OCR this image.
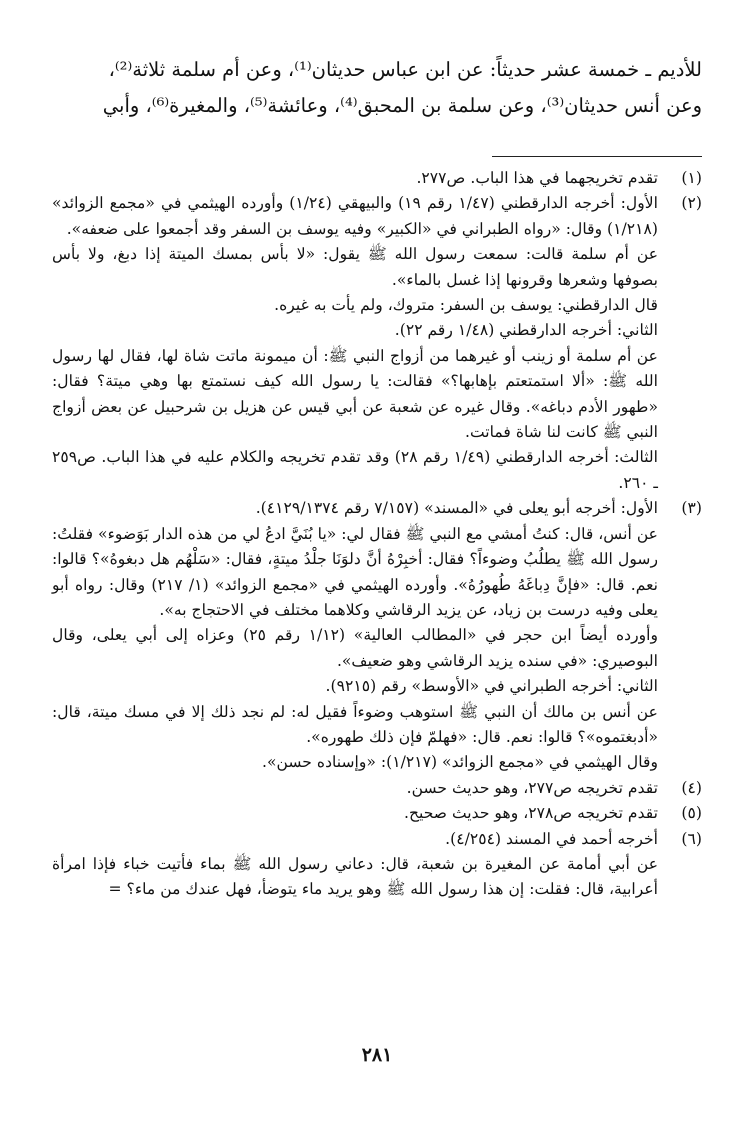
للأديم ـ خمسة عشر حديثاً: عن ابن عباس حديثان⁽¹⁾، وعن أم سلمة ثلاثة⁽²⁾،

وعن أنس حديثان⁽³⁾، وعن سلمة بن المحبق⁽⁴⁾، وعائشة⁽⁵⁾، والمغيرة⁽⁶⁾، وأبي

(١)

تقدم تخريجهما في هذا الباب. ص٢٧٧.

(٢)

الأول: أخرجه الدارقطني (١/٤٧ رقم ١٩) والبيهقي (١/٢٤) وأورده الهيثمي في «مجمع الزوائد» (١/٢١٨) وقال: «رواه الطبراني في «الكبير» وفيه يوسف بن السفر وقد أجمعوا على ضعفه».

عن أم سلمة قالت: سمعت رسول الله ﷺ يقول: «لا بأس بمسك الميتة إذا دبغ، ولا بأس بصوفها وشعرها وقرونها إذا غسل بالماء».

قال الدارقطني: يوسف بن السفر: متروك، ولم يأت به غيره.

الثاني: أخرجه الدارقطني (١/٤٨ رقم ٢٢).

عن أم سلمة أو زينب أو غيرهما من أزواج النبي ﷺ: أن ميمونة ماتت شاة لها، فقال لها رسول الله ﷺ: «ألا استمتعتم بإهابها؟» فقالت: يا رسول الله كيف نستمتع بها وهي ميتة؟ فقال: «طهور الأدم دباغه». وقال غيره عن شعبة عن أبي قيس عن هزيل بن شرحبيل عن بعض أزواج النبي ﷺ كانت لنا شاة فماتت.

الثالث: أخرجه الدارقطني (١/٤٩ رقم ٢٨) وقد تقدم تخريجه والكلام عليه في هذا الباب. ص٢٥٩ ـ ٢٦٠.

(٣)

الأول: أخرجه أبو يعلى في «المسند» (٧/١٥٧ رقم ٤١٢٩/١٣٧٤).

عن أنس، قال: كنتُ أمشي مع النبي ﷺ فقال لي: «يا بُنَيَّ ادعُ لي من هذه الدار بَوَضوء» فقلتُ: رسول الله ﷺ يطلُبُ وضوءاً؟ فقال: أخبِرْهُ أنَّ دلوَنَا جلْدُ ميتةٍ، فقال: «سَلْهُم هل دبغوهُ»؟ قالوا: نعم. قال: «فإنَّ دِباغَهُ طُهورُهُ». وأورده الهيثمي في «مجمع الزوائد» (١/ ٢١٧) وقال: رواه أبو يعلى وفيه درست بن زياد، عن يزيد الرقاشي وكلاهما مختلف في الاحتجاج به».

وأورده أيضاً ابن حجر في «المطالب العالية» (١/١٢ رقم ٢٥) وعزاه إلى أبي يعلى، وقال البوصيري: «في سنده يزيد الرقاشي وهو ضعيف».

الثاني: أخرجه الطبراني في «الأوسط» رقم (٩٢١٥).

عن أنس بن مالك أن النبي ﷺ استوهب وضوءاً فقيل له: لم نجد ذلك إلا في مسك ميتة، قال: «أدبغتموه»؟ قالوا: نعم. قال: «فهلمّ فإن ذلك طهوره».

وقال الهيثمي في «مجمع الزوائد» (١/٢١٧): «وإسناده حسن».

(٤)

تقدم تخريجه ص٢٧٧، وهو حديث حسن.

(٥)

تقدم تخريجه ص٢٧٨، وهو حديث صحيح.

(٦)

أخرجه أحمد في المسند (٤/٢٥٤).

عن أبي أمامة عن المغيرة بن شعبة، قال: دعاني رسول الله ﷺ بماء فأتيت خباء فإذا امرأة أعرابية، قال: فقلت: إن هذا رسول الله ﷺ وهو يريد ماء يتوضأ، فهل عندك من ماء؟ =

٢٨١
